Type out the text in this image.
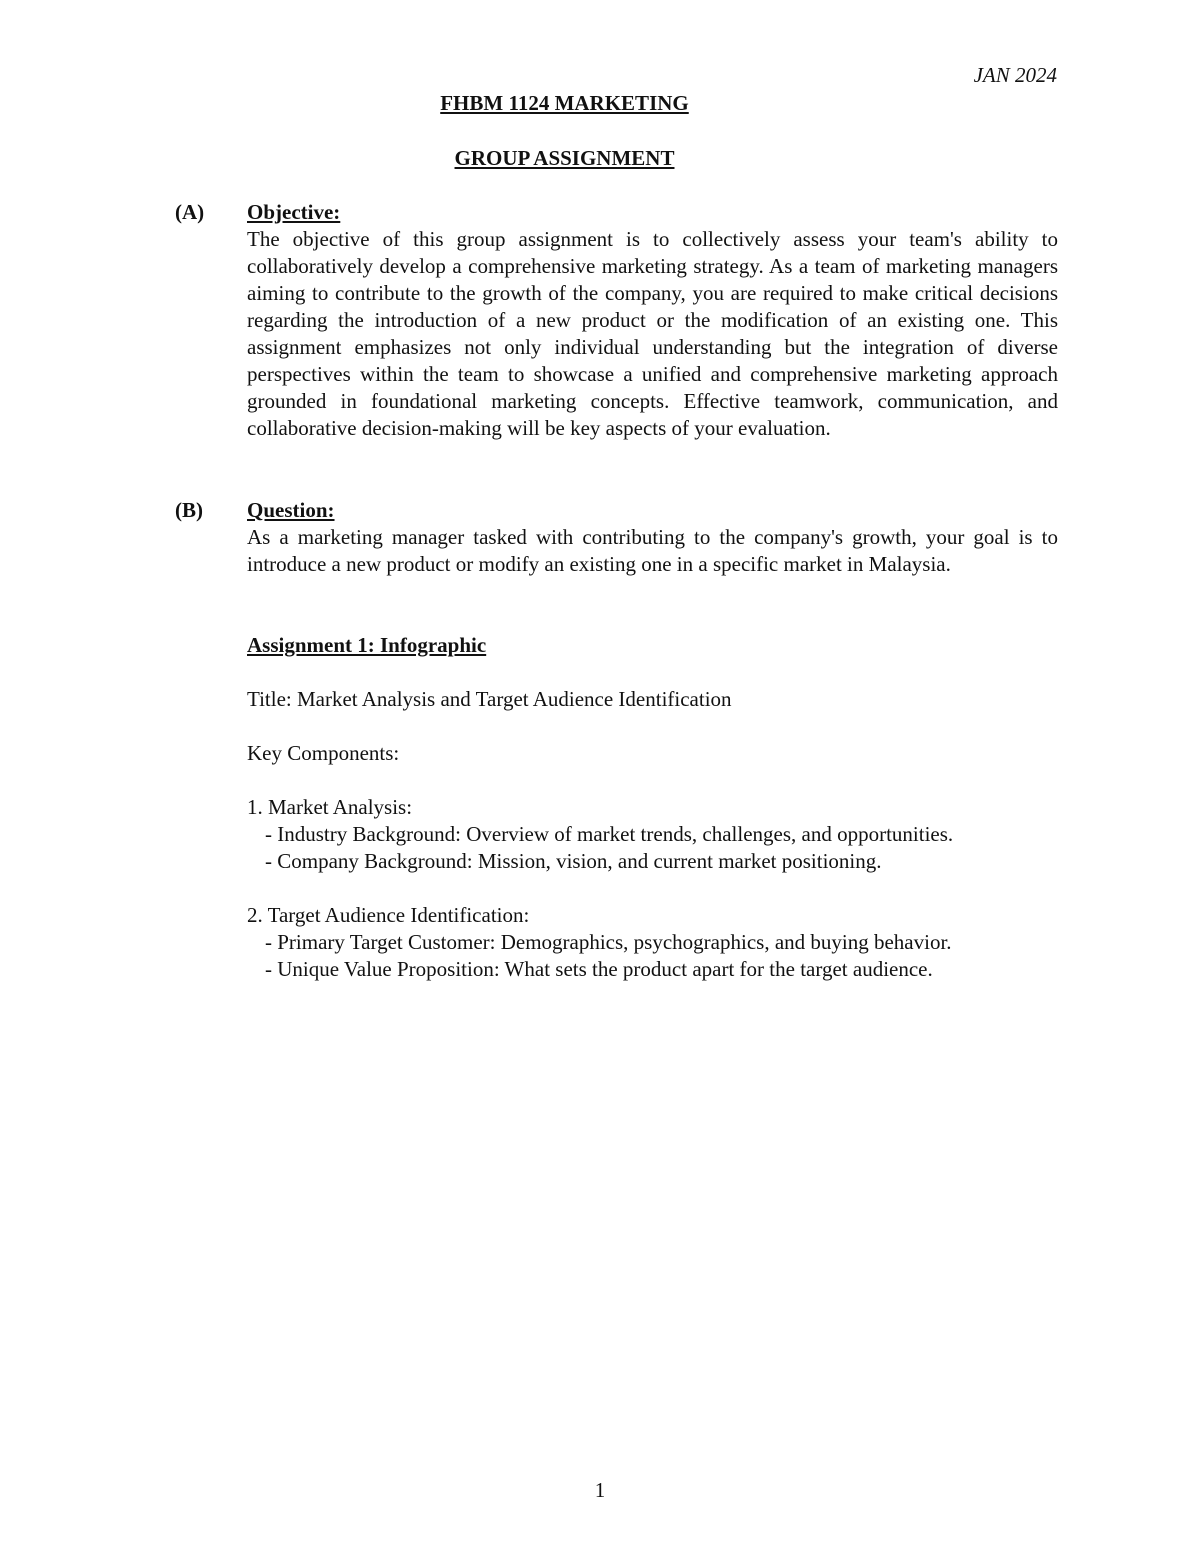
JAN 2024
FHBM 1124 MARKETING
GROUP ASSIGNMENT
(A) Objective:

The objective of this group assignment is to collectively assess your team's ability to collaboratively develop a comprehensive marketing strategy. As a team of marketing managers aiming to contribute to the growth of the company, you are required to make critical decisions regarding the introduction of a new product or the modification of an existing one. This assignment emphasizes not only individual understanding but the integration of diverse perspectives within the team to showcase a unified and comprehensive marketing approach grounded in foundational marketing concepts. Effective teamwork, communication, and collaborative decision-making will be key aspects of your evaluation.

(B) Question:

As a marketing manager tasked with contributing to the company's growth, your goal is to introduce a new product or modify an existing one in a specific market in Malaysia.

Assignment 1: Infographic
Title: Market Analysis and Target Audience Identification
Key Components:
1. Market Analysis:
- Industry Background: Overview of market trends, challenges, and opportunities.
- Company Background: Mission, vision, and current market positioning.
2. Target Audience Identification:
- Primary Target Customer: Demographics, psychographics, and buying behavior.
- Unique Value Proposition: What sets the product apart for the target audience.
1
